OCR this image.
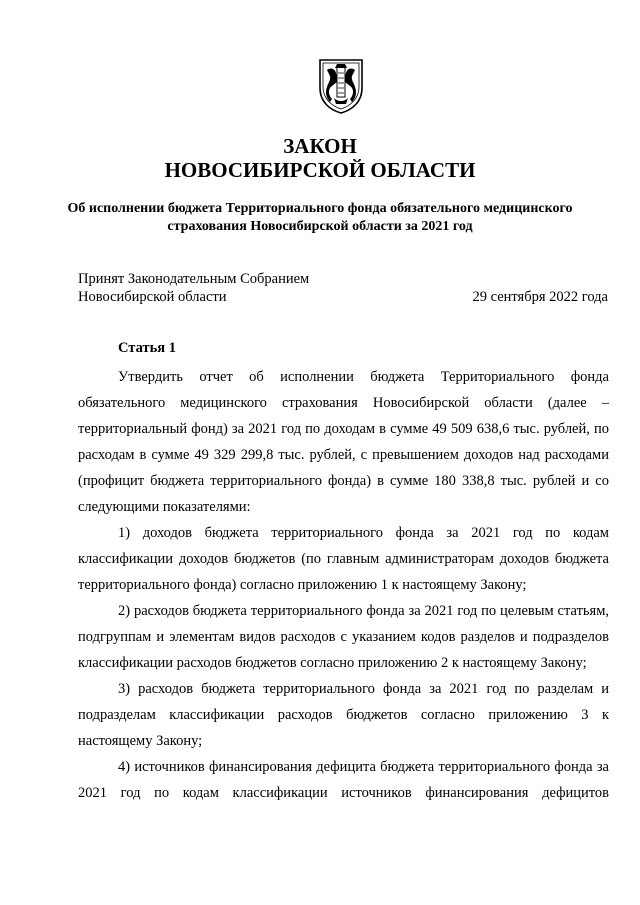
ЗАКОН
НОВОСИБИРСКОЙ ОБЛАСТИ
Об исполнении бюджета Территориального фонда обязательного медицинского страхования Новосибирской области за 2021 год
Принят Законодательным Собранием
Новосибирской области	29 сентября 2022 года
Статья 1

Утвердить отчет об исполнении бюджета Территориального фонда обязательного медицинского страхования Новосибирской области (далее – территориальный фонд) за 2021 год по доходам в сумме 49 509 638,6 тыс. рублей, по расходам в сумме 49 329 299,8 тыс. рублей, с превышением доходов над расходами (профицит бюджета территориального фонда) в сумме 180 338,8 тыс. рублей и со следующими показателями:

1) доходов бюджета территориального фонда за 2021 год по кодам классификации доходов бюджетов (по главным администраторам доходов бюджета территориального фонда) согласно приложению 1 к настоящему Закону;

2) расходов бюджета территориального фонда за 2021 год по целевым статьям, подгруппам и элементам видов расходов с указанием кодов разделов и подразделов классификации расходов бюджетов согласно приложению 2 к настоящему Закону;

3) расходов бюджета территориального фонда за 2021 год по разделам и подразделам классификации расходов бюджетов согласно приложению 3 к настоящему Закону;

4) источников финансирования дефицита бюджета территориального фонда за 2021 год по кодам классификации источников финансирования дефицитов
